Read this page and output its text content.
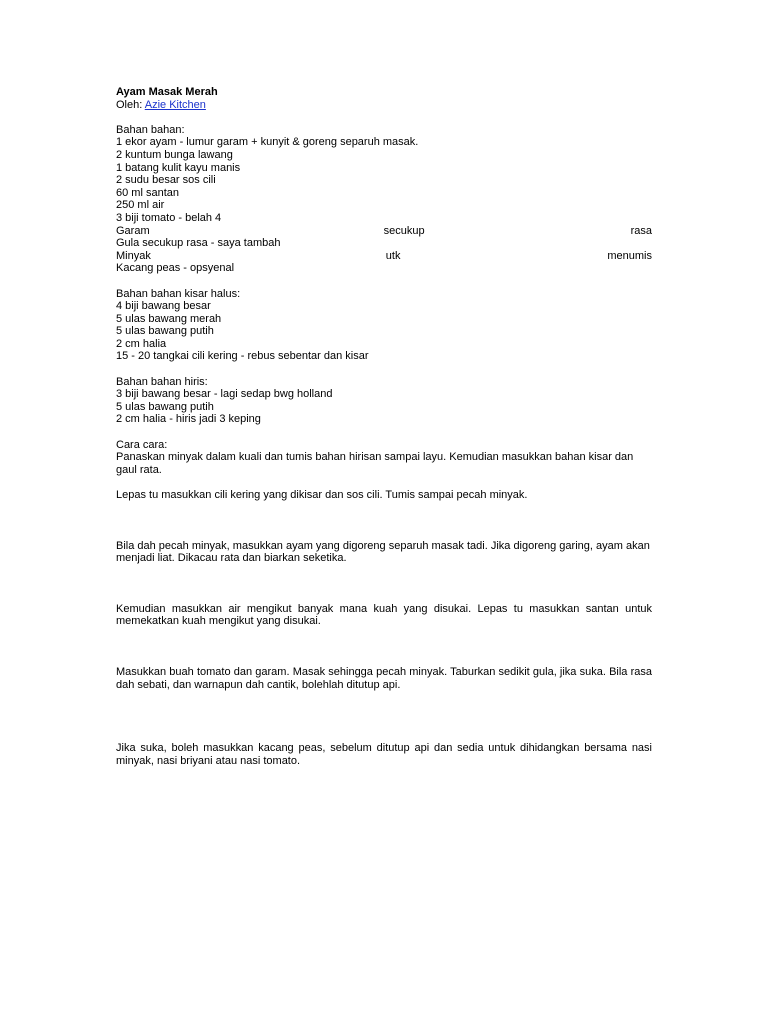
Ayam Masak Merah
Oleh: Azie Kitchen
Bahan bahan:
1 ekor ayam - lumur garam + kunyit & goreng separuh masak.
2 kuntum bunga lawang
1 batang kulit kayu manis
2 sudu besar sos cili
60 ml santan
250 ml air
3 biji tomato - belah 4
Garam	secukup	rasa
Gula secukup rasa - saya tambah
Minyak	utk	menumis
Kacang peas - opsyenal
Bahan bahan kisar halus:
4 biji bawang besar
5 ulas bawang merah
5 ulas bawang putih
2 cm halia
15 - 20 tangkai cili kering - rebus sebentar dan kisar
Bahan bahan hiris:
3 biji bawang besar - lagi sedap bwg holland
5 ulas bawang putih
2 cm halia - hiris jadi 3 keping
Cara cara:
Panaskan minyak dalam kuali dan tumis bahan hirisan sampai layu. Kemudian masukkan bahan kisar dan gaul rata.
Lepas tu masukkan cili kering yang dikisar dan sos cili. Tumis sampai pecah minyak.
Bila dah pecah minyak, masukkan ayam yang digoreng separuh masak tadi. Jika digoreng garing, ayam akan menjadi liat. Dikacau rata dan biarkan seketika.
Kemudian masukkan air mengikut banyak mana kuah yang disukai. Lepas tu masukkan santan untuk memekatkan kuah mengikut yang disukai.
Masukkan buah tomato dan garam. Masak sehingga pecah minyak. Taburkan sedikit gula, jika suka. Bila rasa dah sebati, dan warnapun dah cantik, bolehlah ditutup api.
Jika suka, boleh masukkan kacang peas, sebelum ditutup api dan sedia untuk dihidangkan bersama nasi minyak, nasi briyani atau nasi tomato.
